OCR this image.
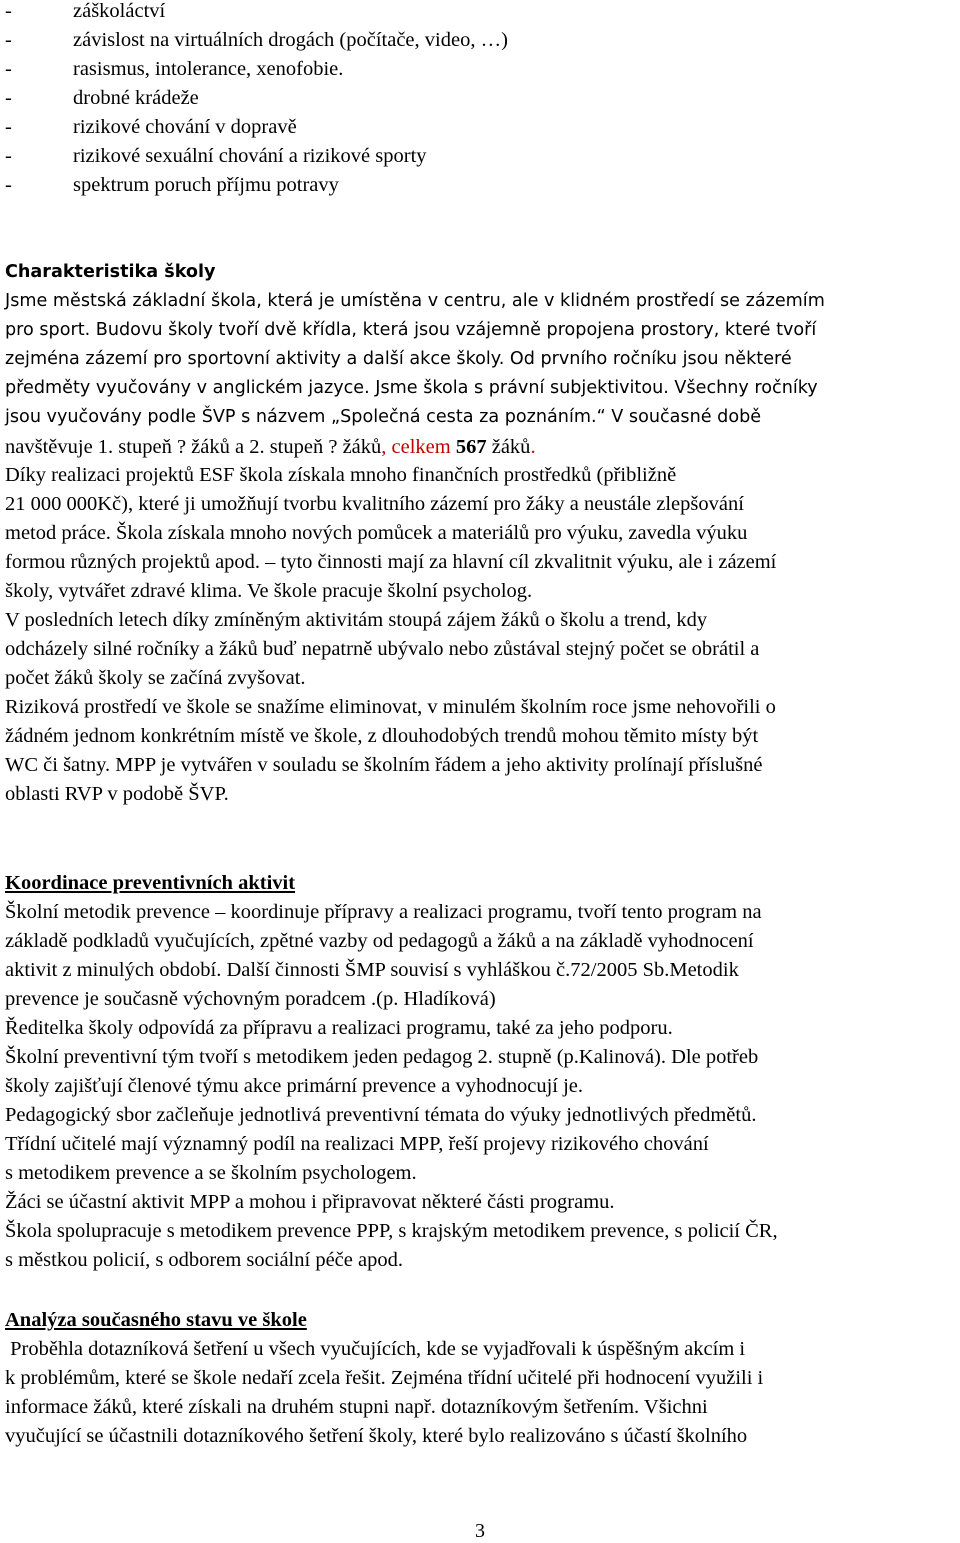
-	záškoláctví
-	závislost na virtuálních drogách (počítače, video, …)
-	rasismus, intolerance, xenofobie.
-	drobné krádeže
-	rizikové chování v dopravě
-	rizikové sexuální chování a rizikové sporty
-	spektrum poruch příjmu potravy
Charakteristika školy
Jsme městská základní škola, která je umístěna v centru, ale v klidném prostředí se zázemím
pro sport. Budovu školy tvoří dvě křídla, která jsou vzájemně propojena prostory, které tvoří
zejména zázemí pro sportovní aktivity a další akce školy. Od prvního ročníku jsou některé
předměty vyučovány v anglickém jazyce. Jsme škola s právní subjektivitou. Všechny ročníky
jsou vyučovány podle ŠVP s názvem „Společná cesta za poznáním.“ V současné době
navštěvuje 1. stupeň ? žáků a 2. stupeň ? žáků, celkem 567 žáků.
Díky realizaci projektů ESF škola získala mnoho finančních prostředků (přibližně
21 000 000Kč), které ji umožňují tvorbu kvalitního zázemí pro žáky a neustále zlepšování
metod práce. Škola získala mnoho nových pomůcek a materiálů pro výuku, zavedla výuku
formou různých projektů apod. – tyto činnosti mají za hlavní cíl zkvalitnit výuku, ale i zázemí
školy, vytvářet zdravé klima. Ve škole pracuje školní psycholog.
V posledních letech díky zmíněným aktivitám stoupá zájem žáků o školu a trend, kdy
odcházely silné ročníky a žáků buď nepatrně ubývalo nebo zůstával stejný počet se obrátil a
počet žáků školy se začíná zvyšovat.
Riziková prostředí ve škole se snažíme eliminovat, v minulém školním roce jsme nehovořili o
žádném jednom konkrétním místě ve škole, z dlouhodobých trendů mohou těmito místy být
WC či šatny. MPP je vytvářen v souladu se školním řádem a jeho aktivity prolínají příslušné
oblasti RVP v podobě ŠVP.
Koordinace preventivních aktivit
Školní metodik prevence – koordinuje přípravy a realizaci programu, tvoří tento program na
základě podkladů vyučujících, zpětné vazby od pedagogů a žáků a na základě vyhodnocení
aktivit z minulých období. Další činnosti ŠMP souvisí s vyhláškou č.72/2005 Sb.Metodik
prevence je současně výchovným poradcem .(p. Hladíková)
Ředitelka školy odpovídá za přípravu a realizaci programu, také za jeho podporu.
Školní preventivní tým tvoří s metodikem jeden pedagog 2. stupně (p.Kalinová). Dle potřeb
školy zajišťují členové týmu akce primární prevence a vyhodnocují je.
Pedagogický sbor začleňuje jednotlivá preventivní témata do výuky jednotlivých předmětů.
Třídní učitelé mají významný podíl na realizaci MPP, řeší projevy rizikového chování
s metodikem prevence a se školním psychologem.
Žáci se účastní aktivit MPP a mohou i připravovat některé části programu.
Škola spolupracuje s metodikem prevence PPP, s krajským metodikem prevence, s policií ČR,
s městkou policií, s odborem sociální péče apod.
Analýza současného stavu ve škole
Proběhla dotazníková šetření u všech vyučujících, kde se vyjadřovali k úspěšným akcím i
k problémům, které se škole nedaří zcela řešit. Zejména třídní učitelé při hodnocení využili i
informace žáků, které získali na druhém stupni např. dotazníkovým šetřením. Všichni
vyučující se účastnili dotazníkového šetření školy, které bylo realizováno s účastí školního
3
